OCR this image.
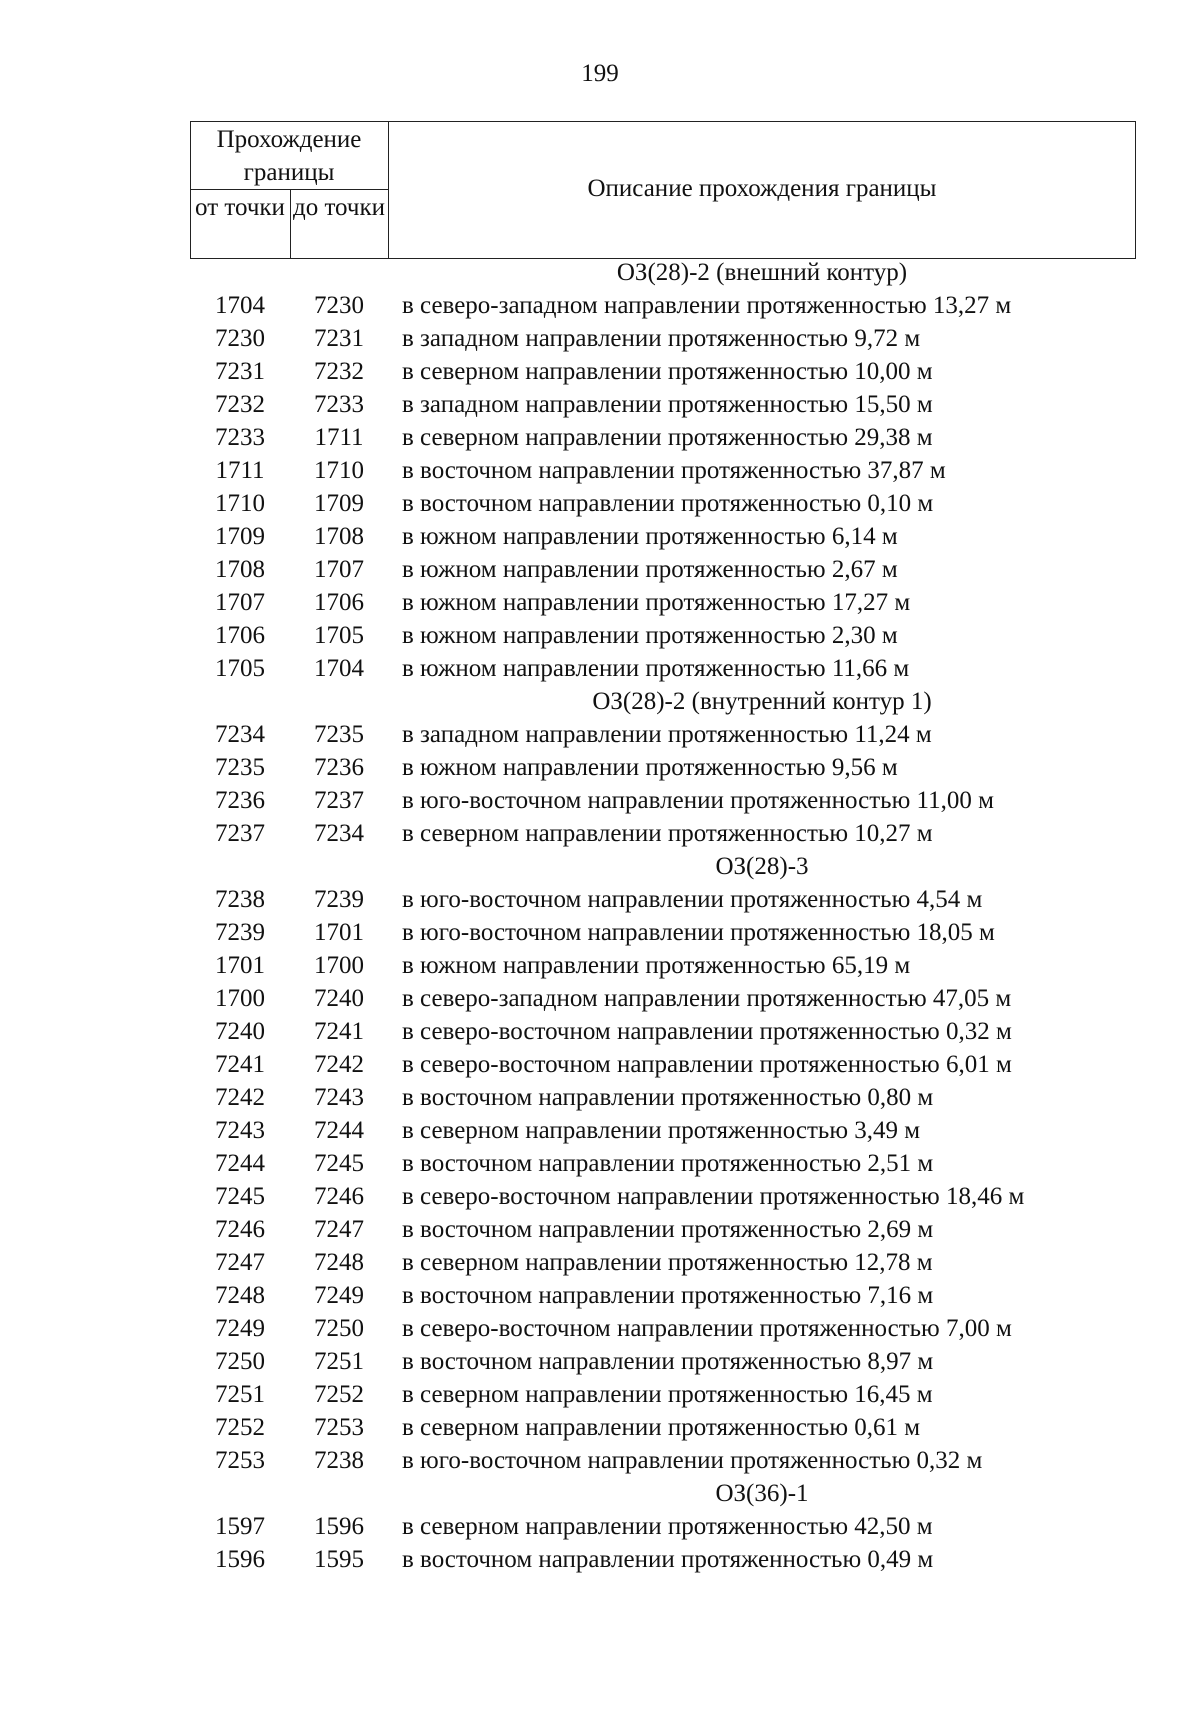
199
Прохождение границы
от точки до точки
Описание прохождения границы
ОЗ(28)-2 (внешний контур)
1704	7230	в северо-западном направлении протяженностью 13,27 м
7230	7231	в западном направлении протяженностью 9,72 м
7231	7232	в северном направлении протяженностью 10,00 м
7232	7233	в западном направлении протяженностью 15,50 м
7233	1711	в северном направлении протяженностью 29,38 м
1711	1710	в восточном направлении протяженностью 37,87 м
1710	1709	в восточном направлении протяженностью 0,10 м
1709	1708	в южном направлении протяженностью 6,14 м
1708	1707	в южном направлении протяженностью 2,67 м
1707	1706	в южном направлении протяженностью 17,27 м
1706	1705	в южном направлении протяженностью 2,30 м
1705	1704	в южном направлении протяженностью 11,66 м
ОЗ(28)-2 (внутренний контур 1)
7234	7235	в западном направлении протяженностью 11,24 м
7235	7236	в южном направлении протяженностью 9,56 м
7236	7237	в юго-восточном направлении протяженностью 11,00 м
7237	7234	в северном направлении протяженностью 10,27 м
ОЗ(28)-3
7238	7239	в юго-восточном направлении протяженностью 4,54 м
7239	1701	в юго-восточном направлении протяженностью 18,05 м
1701	1700	в южном направлении протяженностью 65,19 м
1700	7240	в северо-западном направлении протяженностью 47,05 м
7240	7241	в северо-восточном направлении протяженностью 0,32 м
7241	7242	в северо-восточном направлении протяженностью 6,01 м
7242	7243	в восточном направлении протяженностью 0,80 м
7243	7244	в северном направлении протяженностью 3,49 м
7244	7245	в восточном направлении протяженностью 2,51 м
7245	7246	в северо-восточном направлении протяженностью 18,46 м
7246	7247	в восточном направлении протяженностью 2,69 м
7247	7248	в северном направлении протяженностью 12,78 м
7248	7249	в восточном направлении протяженностью 7,16 м
7249	7250	в северо-восточном направлении протяженностью 7,00 м
7250	7251	в восточном направлении протяженностью 8,97 м
7251	7252	в северном направлении протяженностью 16,45 м
7252	7253	в северном направлении протяженностью 0,61 м
7253	7238	в юго-восточном направлении протяженностью 0,32 м
ОЗ(36)-1
1597	1596	в северном направлении протяженностью 42,50 м
1596	1595	в восточном направлении протяженностью 0,49 м
